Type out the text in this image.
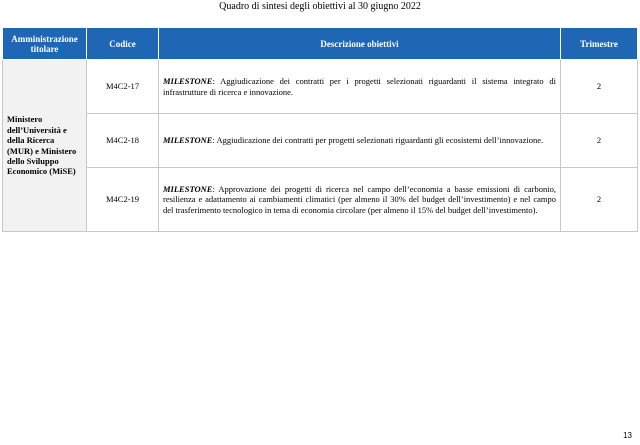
Quadro di sintesi degli obiettivi al 30 giugno 2022
Amministrazione titolare	Codice	Descrizione obiettivi	Trimestre
Ministero dell’Università e della Ricerca (MUR) e Ministero dello Sviluppo Economico (MiSE)	M4C2-17	MILESTONE: Aggiudicazione dei contratti per i progetti selezionati riguardanti il sistema integrato di infrastrutture di ricerca e innovazione.	2
	M4C2-18	MILESTONE: Aggiudicazione dei contratti per progetti selezionati riguardanti gli ecosistemi dell’innovazione.	2
	M4C2-19	MILESTONE: Approvazione dei progetti di ricerca nel campo dell’economia a basse emissioni di carbonio, resilienza e adattamento ai cambiamenti climatici (per almeno il 30% del budget dell’investimento) e nel campo del trasferimento tecnologico in tema di economia circolare (per almeno il 15% del budget dell’investimento).	2
13
